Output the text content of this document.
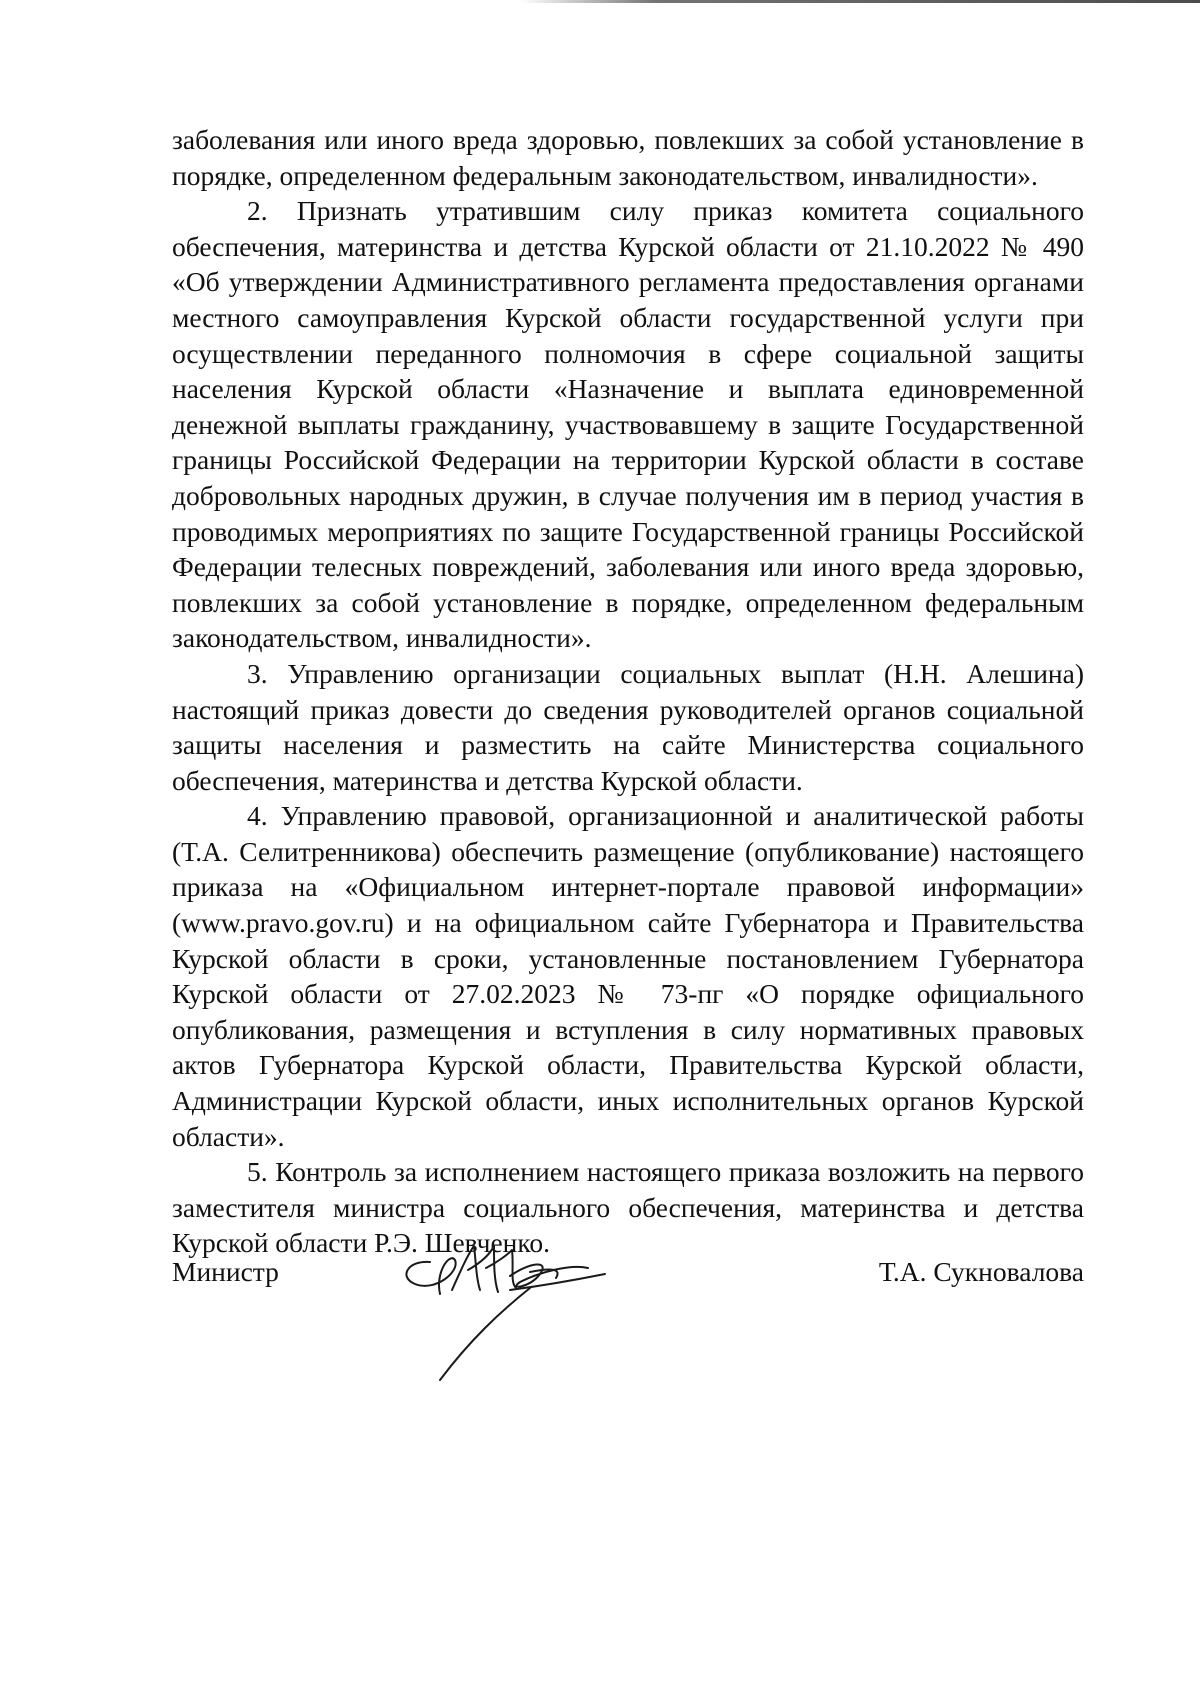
заболевания или иного вреда здоровью, повлекших за собой установление в порядке, определенном федеральным законодательством, инвалидности».

2. Признать утратившим силу приказ комитета социального обеспечения, материнства и детства Курской области от 21.10.2022 № 490 «Об утверждении Административного регламента предоставления органами местного самоуправления Курской области государственной услуги при осуществлении переданного полномочия в сфере социальной защиты населения Курской области «Назначение и выплата единовременной денежной выплаты гражданину, участвовавшему в защите Государственной границы Российской Федерации на территории Курской области в составе добровольных народных дружин, в случае получения им в период участия в проводимых мероприятиях по защите Государственной границы Российской Федерации телесных повреждений, заболевания или иного вреда здоровью, повлекших за собой установление в порядке, определенном федеральным законодательством, инвалидности».

3. Управлению организации социальных выплат (Н.Н. Алешина) настоящий приказ довести до сведения руководителей органов социальной защиты населения и разместить на сайте Министерства социального обеспечения, материнства и детства Курской области.

4. Управлению правовой, организационной и аналитической работы (Т.А. Селитренникова) обеспечить размещение (опубликование) настоящего приказа на «Официальном интернет-портале правовой информации» (www.pravo.gov.ru) и на официальном сайте Губернатора и Правительства Курской области в сроки, установленные постановлением Губернатора Курской области от 27.02.2023 № 73-пг «О порядке официального опубликования, размещения и вступления в силу нормативных правовых актов Губернатора Курской области, Правительства Курской области, Администрации Курской области, иных исполнительных органов Курской области».

5. Контроль за исполнением настоящего приказа возложить на первого заместителя министра социального обеспечения, материнства и детства Курской области Р.Э. Шевченко.

Министр	Т.А. Сукновалова
